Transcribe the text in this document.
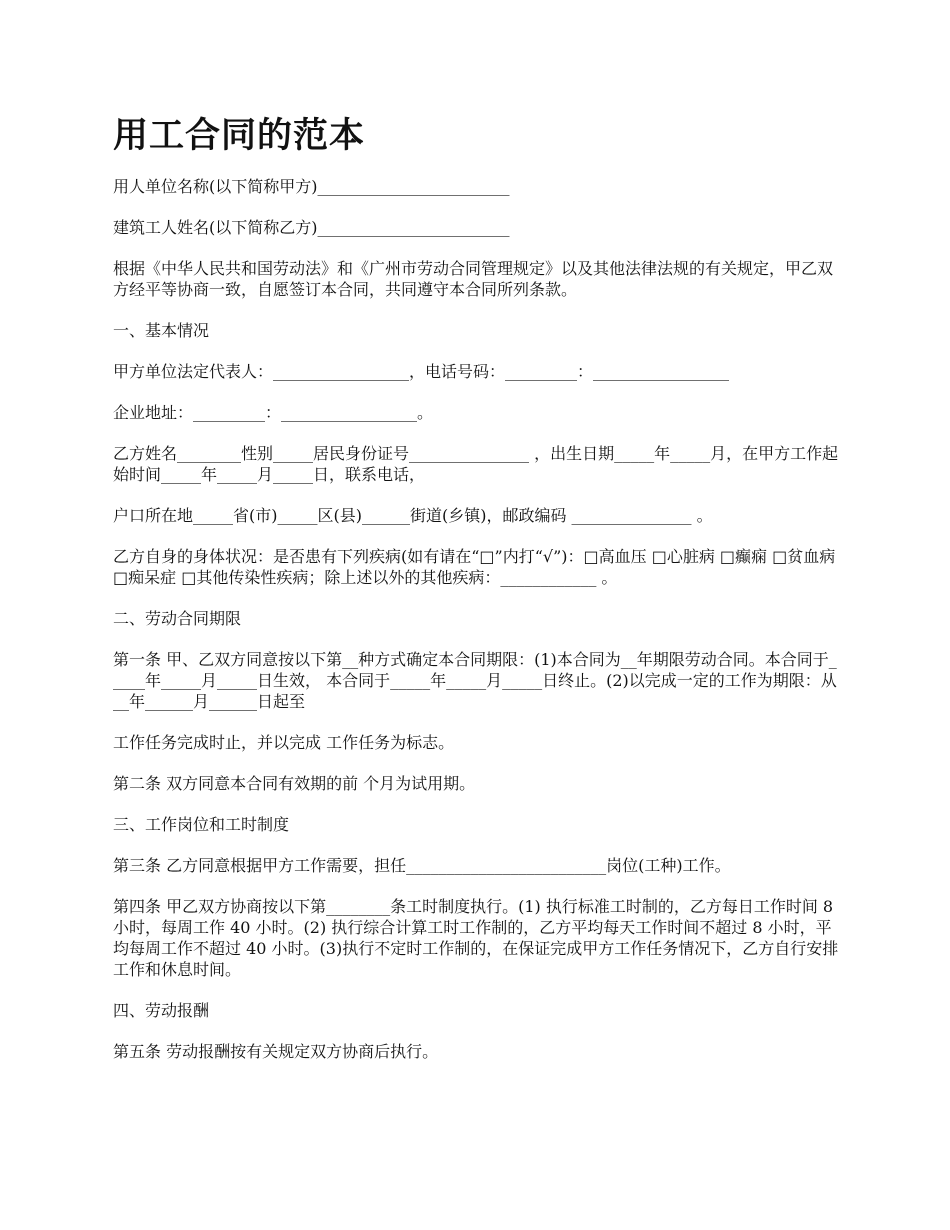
用工合同的范本

用人单位名称(以下简称甲方)________________________

建筑工人姓名(以下简称乙方)________________________

根据《中华人民共和国劳动法》和《广州市劳动合同管理规定》以及其他法律法规的有关规定，甲乙双方经平等协商一致，自愿签订本合同，共同遵守本合同所列条款。

一、基本情况

甲方单位法定代表人：_________________，电话号码：_________：_________________

企业地址：_________：_________________。

乙方姓名________性别_____居民身份证号_______________ ，出生日期_____年_____月，在甲方工作起始时间_____年_____月_____日，联系电话，

户口所在地_____省(市)_____区(县)______街道(乡镇)，邮政编码 _______________ 。

乙方自身的身体状况：是否患有下列疾病(如有请在“□”内打“√”)：□高血压 □心脏病 □癫痫 □贫血病 □痴呆症 □其他传染性疾病；除上述以外的其他疾病：____________ 。

二、劳动合同期限

第一条 甲、乙双方同意按以下第__种方式确定本合同期限：(1)本合同为__年期限劳动合同。本合同于_____年_____月_____日生效， 本合同于_____年_____月_____日终止。(2)以完成一定的工作为期限：从__年______月______日起至

工作任务完成时止，并以完成 工作任务为标志。

第二条 双方同意本合同有效期的前 个月为试用期。

三、工作岗位和工时制度

第三条 乙方同意根据甲方工作需要，担任_________________________岗位(工种)工作。

第四条 甲乙双方协商按以下第________条工时制度执行。(1) 执行标准工时制的，乙方每日工作时间 8 小时，每周工作 40 小时。(2) 执行综合计算工时工作制的，乙方平均每天工作时间不超过 8 小时，平均每周工作不超过 40 小时。(3)执行不定时工作制的，在保证完成甲方工作任务情况下，乙方自行安排工作和休息时间。

四、劳动报酬

第五条 劳动报酬按有关规定双方协商后执行。
